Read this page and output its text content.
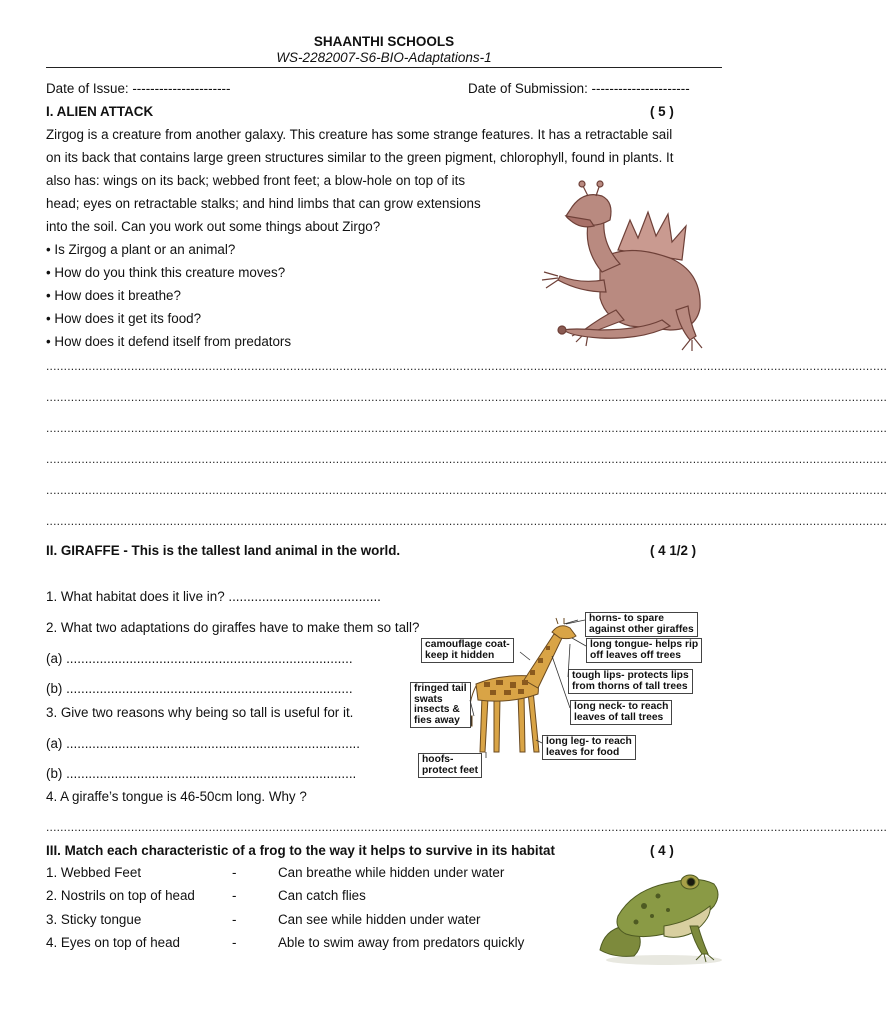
SHAANTHI SCHOOLS
WS-2282007-S6-BIO-Adaptations-1
Date of Issue: ----------------------	Date of Submission: ----------------------
I. ALIEN ATTACK	( 5 )
Zirgog is a creature from another galaxy. This creature has some strange features. It has a retractable sail
on its back that contains large green structures similar to the green pigment, chlorophyll, found in plants. It
also has: wings on its back; webbed front feet; a blow-hole on top of its
head; eyes on retractable stalks; and hind limbs that can grow extensions
into the soil. Can you work out some things about Zirgo?
• Is Zirgog a plant or an animal?
• How do you think this creature moves?
• How does it breathe?
• How does it get its food?
• How does it defend itself from predators
..............................................................................................................................................................................................................................................
..............................................................................................................................................................................................................................................
..............................................................................................................................................................................................................................................
..............................................................................................................................................................................................................................................
..............................................................................................................................................................................................................................................
..............................................................................................................................................................................................................................................
II. GIRAFFE - This is the tallest land animal in the world.	( 4 1/2 )
1. What habitat does it live in? .........................................
2. What two adaptations do giraffes have to make them so tall?
(a) .............................................................................
(b) .............................................................................
3. Give two reasons why being so tall is useful for it.
(a) ...............................................................................
(b) ..............................................................................
4. A giraffe’s tongue is 46-50cm long. Why ?
..............................................................................................................................................................................................................................................
horns- to spare
against other giraffes
camouflage coat-
keep it hidden
long tongue- helps rip
off leaves off trees
tough lips- protects lips
from thorns of tall trees
fringed tail
swats
insects &
fies away
long neck- to reach
leaves of tall trees
long leg- to reach
leaves for food
hoofs-
protect feet
III. Match each characteristic of a frog to the way it helps to survive in its habitat	( 4 )
1. Webbed Feet	-	Can breathe while hidden under water
2. Nostrils on top of head	-	Can catch flies
3. Sticky tongue	-	Can see while hidden under water
4. Eyes on top of head	-	Able to swim away from predators quickly
